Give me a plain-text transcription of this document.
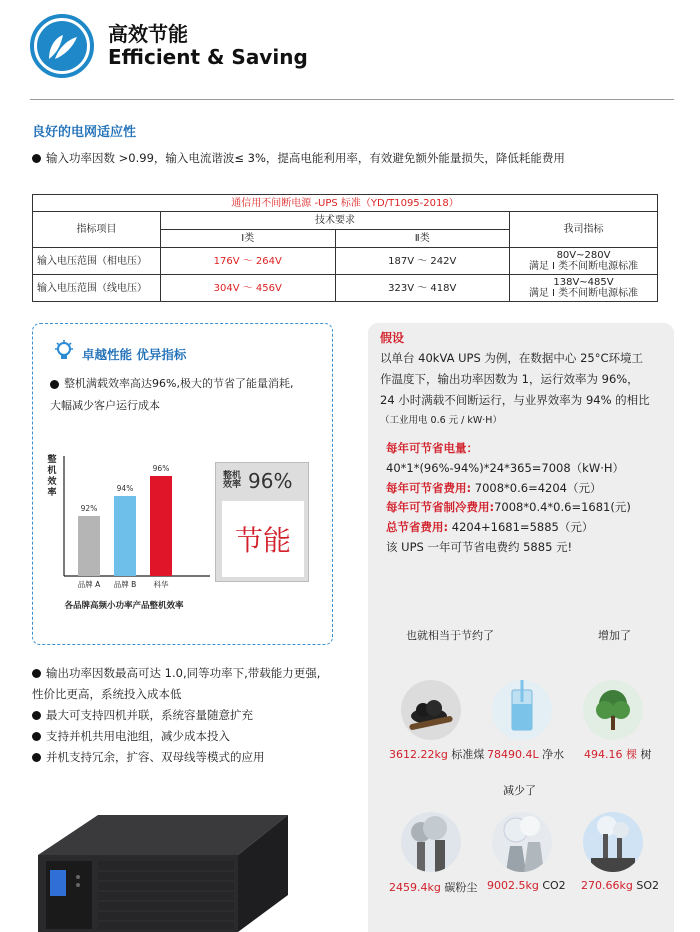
高效节能
Efficient & Saving
良好的电网适应性
输入功率因数 >0.99，输入电流谐波≤ 3%，提高电能利用率，有效避免额外能量损失，降低耗能费用
通信用不间断电源 -UPS 标准（YD/T1095-2018）			
指标项目	技术要求		我司指标
	Ⅰ类	Ⅱ类	
输入电压范围（相电压）	176V ～ 264V	187V ～ 242V	80V~280V
满足 I 类不间断电源标准

输入电压范围（线电压）	304V ～ 456V	323V ～ 418V	138V~485V
满足 I 类不间断电源标准
卓越性能 优异指标
整机满载效率高达96%,极大的节省了能量消耗,
大幅减少客户运行成本
整
机
效
率
92%
品牌 A
94%
品牌 B
96%
科华
各品牌高频小功率产品整机效率
整机
效率 96%
节能
输出功率因数最高可达 1.0,同等功率下,带载能力更强,
性价比更高，系统投入成本低
最大可支持四机并联，系统容量随意扩充
支持并机共用电池组，减少成本投入
并机支持冗余，扩容、双母线等模式的应用
假设
以单台 40kVA UPS 为例，在数据中心 25°C环境工
作温度下，输出功率因数为 1，运行效率为 96%，
24 小时满载不间断运行，与业界效率为 94% 的相比
（工业用电 0.6 元 / kW·H）
每年可节省电量：
40*1*(96%-94%)*24*365=7008（kW·H）
每年可节省费用: 7008*0.6=4204（元）
每年可节省制冷费用:7008*0.4*0.6=1681(元)
总节省费用: 4204+1681=5885（元）
该 UPS 一年可节省电费约 5885 元!
也就相当于节约了	增加了
3612.22kg 标准煤 78490.4L 净水 494.16 棵 树
减少了
2459.4kg 碳粉尘 9002.5kg CO2 270.66kg SO2
